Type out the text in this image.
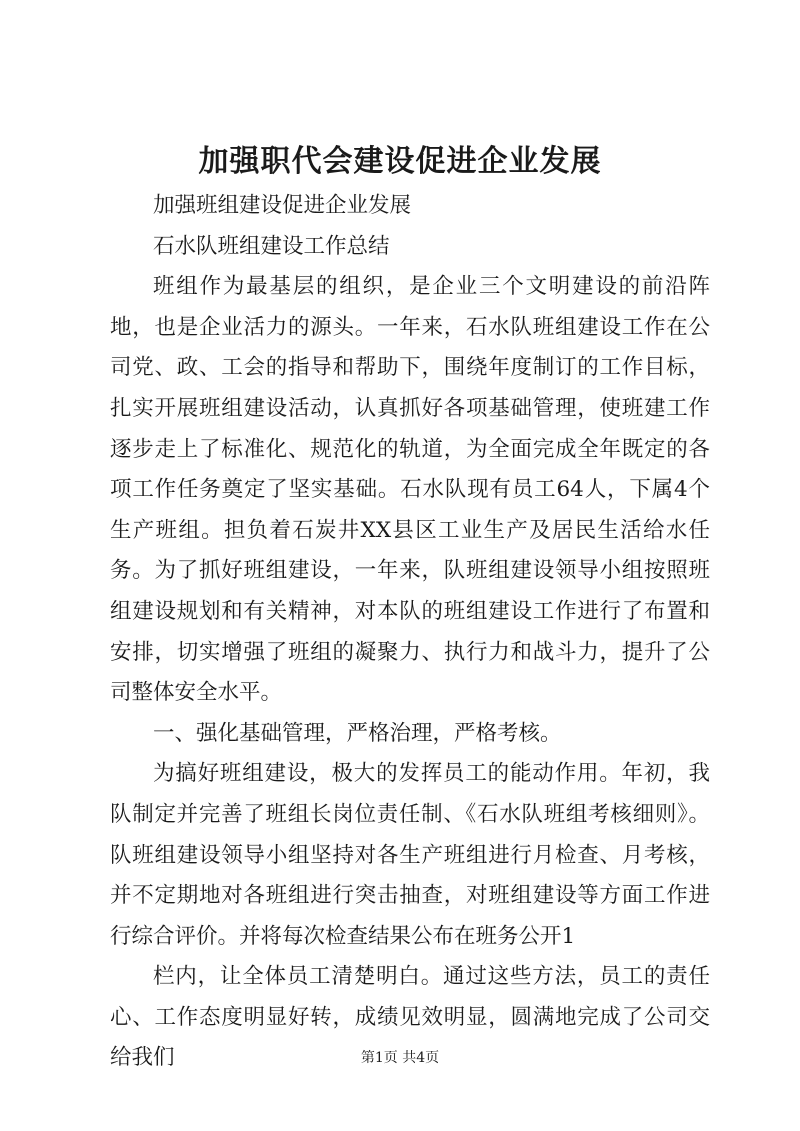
加强职代会建设促进企业发展

加强班组建设促进企业发展

石水队班组建设工作总结

班组作为最基层的组织，是企业三个文明建设的前沿阵地，也是企业活力的源头。一年来，石水队班组建设工作在公司党、政、工会的指导和帮助下，围绕年度制订的工作目标，扎实开展班组建设活动，认真抓好各项基础管理，使班建工作逐步走上了标准化、规范化的轨道，为全面完成全年既定的各项工作任务奠定了坚实基础。石水队现有员工64人，下属4个生产班组。担负着石炭井XX县区工业生产及居民生活给水任务。为了抓好班组建设，一年来，队班组建设领导小组按照班组建设规划和有关精神，对本队的班组建设工作进行了布置和安排，切实增强了班组的凝聚力、执行力和战斗力，提升了公司整体安全水平。

一、强化基础管理，严格治理，严格考核。

为搞好班组建设，极大的发挥员工的能动作用。年初，我队制定并完善了班组长岗位责任制、《石水队班组考核细则》。队班组建设领导小组坚持对各生产班组进行月检查、月考核，并不定期地对各班组进行突击抽查，对班组建设等方面工作进行综合评价。并将每次检查结果公布在班务公开1

栏内，让全体员工清楚明白。通过这些方法，员工的责任心、工作态度明显好转，成绩见效明显，圆满地完成了公司交给我们	第1页 共4页
